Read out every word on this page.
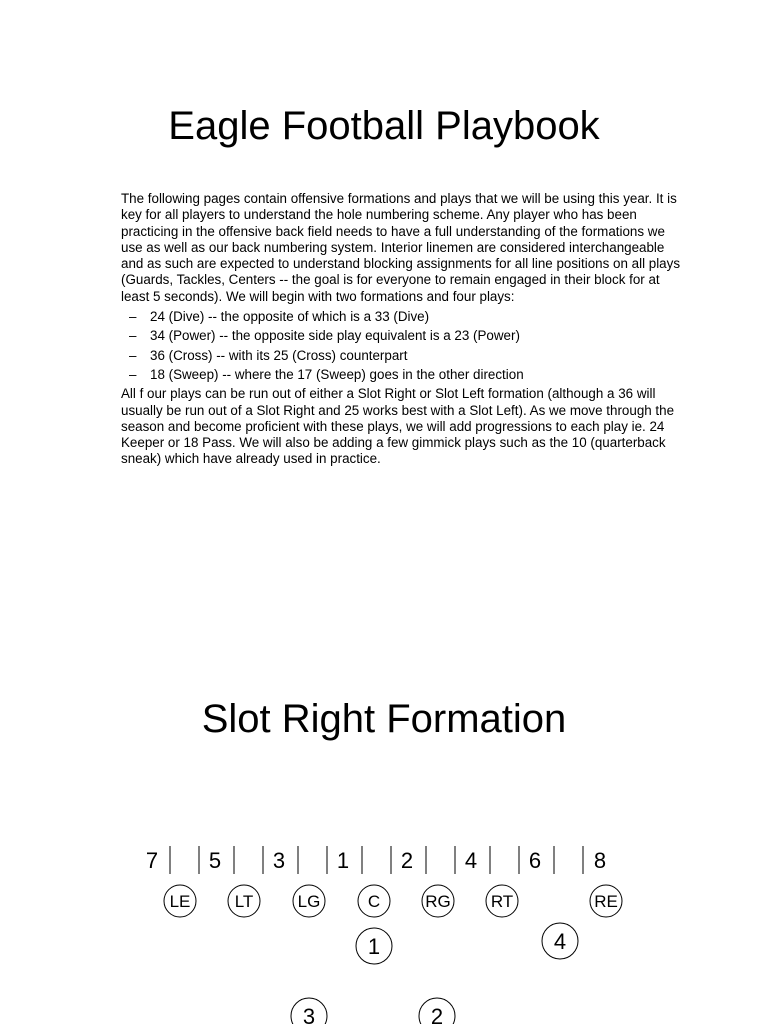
Eagle Football Playbook

The following pages contain offensive formations and plays that we will be using this year. It is key for all players to understand the hole numbering scheme. Any player who has been practicing in the offensive back field needs to have a full understanding of the formations we use as well as our back numbering system. Interior linemen are considered interchangeable and as such are expected to understand blocking assignments for all line positions on all plays (Guards, Tackles, Centers -- the goal is for everyone to remain engaged in their block for at least 5 seconds). We will begin with two formations and four plays:

– 24 (Dive) -- the opposite of which is a 33 (Dive)
– 34 (Power) -- the opposite side play equivalent is a 23 (Power)
– 36 (Cross) -- with its 25 (Cross) counterpart
– 18 (Sweep) -- where the 17 (Sweep) goes in the other direction

All f our plays can be run out of either a Slot Right or Slot Left formation (although a 36 will usually be run out of a Slot Right and 25 works best with a Slot Left). As we move through the season and become proficient with these plays, we will add progressions to each play ie. 24 Keeper or 18 Pass. We will also be adding a few gimmick plays such as the 10 (quarterback sneak) which have already used in practice.

Slot Right Formation
7 5 3 1 2 4 6 8
LE	LT	LG	C	RG RT	RE
1	4
3	2
